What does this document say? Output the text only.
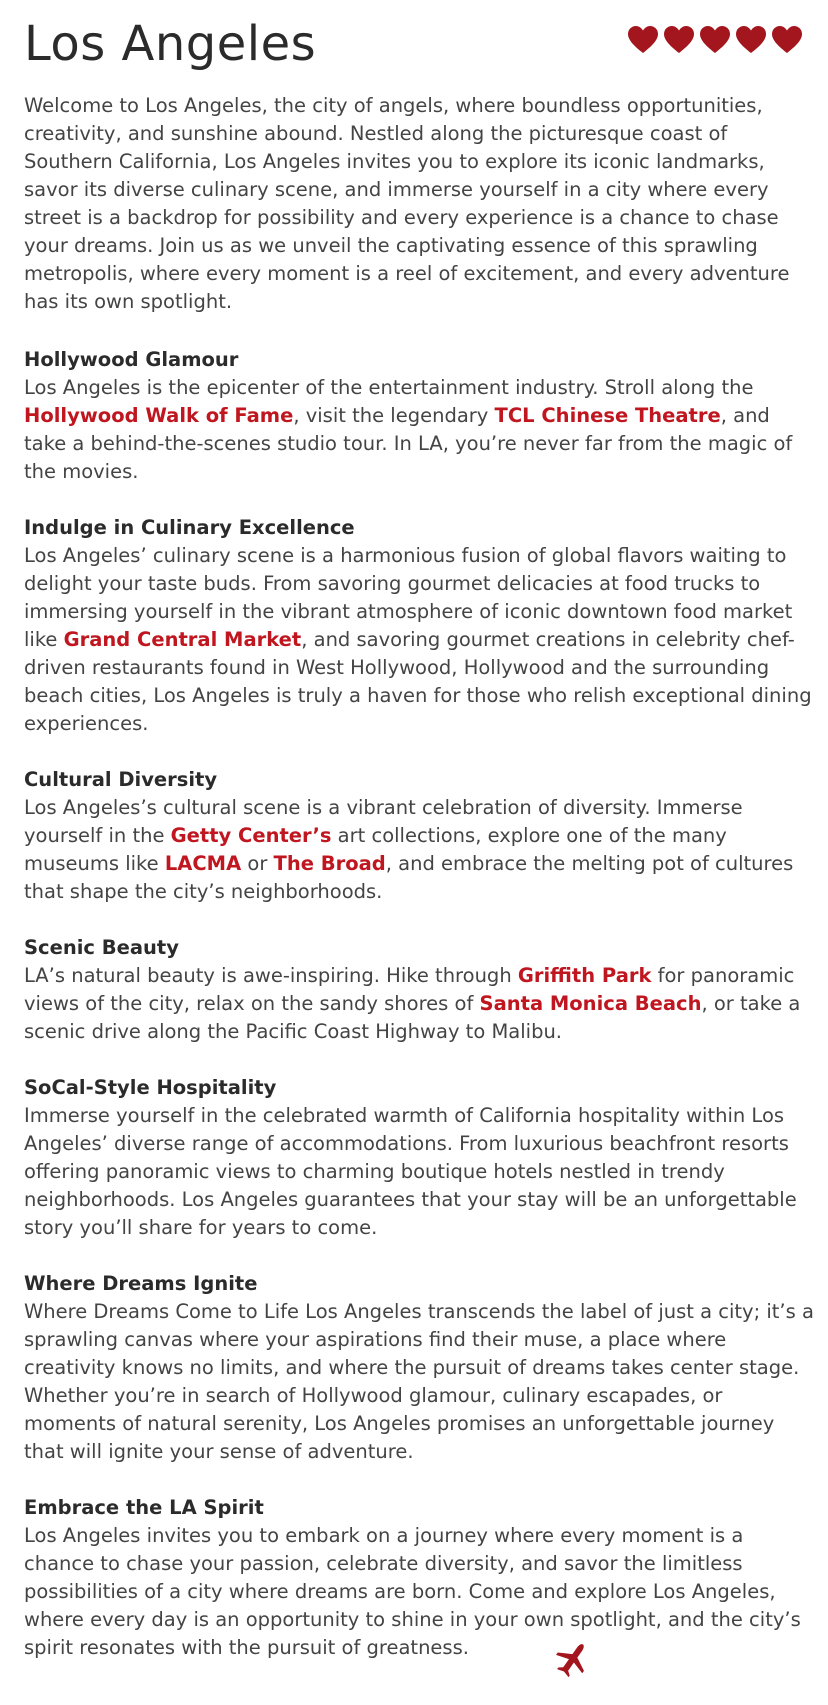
Los Angeles

Welcome to Los Angeles, the city of angels, where boundless opportunities, creativity, and sunshine abound. Nestled along the picturesque coast of Southern California, Los Angeles invites you to explore its iconic landmarks, savor its diverse culinary scene, and immerse yourself in a city where every street is a backdrop for possibility and every experience is a chance to chase your dreams. Join us as we unveil the captivating essence of this sprawling metropolis, where every moment is a reel of excitement, and every adventure has its own spotlight.

Hollywood Glamour

Los Angeles is the epicenter of the entertainment industry. Stroll along the Hollywood Walk of Fame, visit the legendary TCL Chinese Theatre, and take a behind-the-scenes studio tour. In LA, you’re never far from the magic of the movies.

Indulge in Culinary Excellence

Los Angeles’ culinary scene is a harmonious fusion of global flavors waiting to delight your taste buds. From savoring gourmet delicacies at food trucks to immersing yourself in the vibrant atmosphere of iconic downtown food market like Grand Central Market, and savoring gourmet creations in celebrity chef-driven restaurants found in West Hollywood, Hollywood and the surrounding beach cities, Los Angeles is truly a haven for those who relish exceptional dining experiences.

Cultural Diversity

Los Angeles’s cultural scene is a vibrant celebration of diversity. Immerse yourself in the Getty Center’s art collections, explore one of the many museums like LACMA or The Broad, and embrace the melting pot of cultures that shape the city’s neighborhoods.

Scenic Beauty

LA’s natural beauty is awe-inspiring. Hike through Griffith Park for panoramic views of the city, relax on the sandy shores of Santa Monica Beach, or take a scenic drive along the Pacific Coast Highway to Malibu.

SoCal-Style Hospitality

Immerse yourself in the celebrated warmth of California hospitality within Los Angeles’ diverse range of accommodations. From luxurious beachfront resorts offering panoramic views to charming boutique hotels nestled in trendy neighborhoods. Los Angeles guarantees that your stay will be an unforgettable story you’ll share for years to come.

Where Dreams Ignite

Where Dreams Come to Life Los Angeles transcends the label of just a city; it’s a sprawling canvas where your aspirations find their muse, a place where creativity knows no limits, and where the pursuit of dreams takes center stage. Whether you’re in search of Hollywood glamour, culinary escapades, or moments of natural serenity, Los Angeles promises an unforgettable journey that will ignite your sense of adventure.

Embrace the LA Spirit

Los Angeles invites you to embark on a journey where every moment is a chance to chase your passion, celebrate diversity, and savor the limitless possibilities of a city where dreams are born. Come and explore Los Angeles, where every day is an opportunity to shine in your own spotlight, and the city’s spirit resonates with the pursuit of greatness.
